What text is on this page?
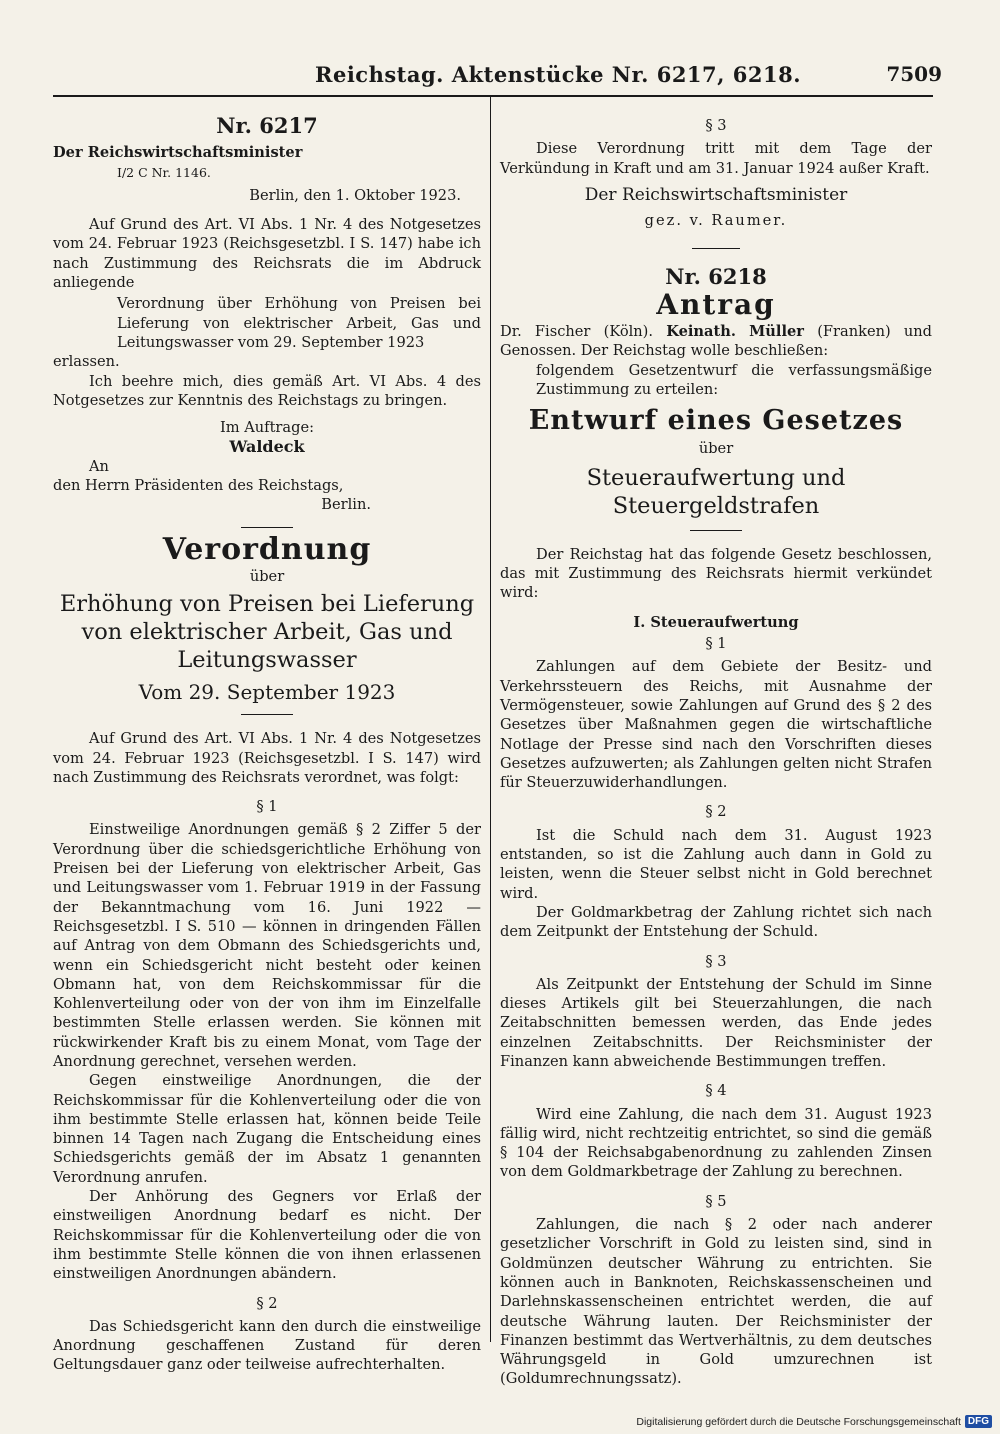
Reichstag. Aktenstücke Nr. 6217, 6218.	7509
Nr. 6217

Der Reichswirtschaftsminister

I/2 C Nr. 1146.

Berlin, den 1. Oktober 1923.

Auf Grund des Art. VI Abs. 1 Nr. 4 des Notgesetzes vom 24. Februar 1923 (Reichsgesetzbl. I S. 147) habe ich nach Zustimmung des Reichsrats die im Abdruck anliegende

Verordnung über Erhöhung von Preisen bei Lieferung von elektrischer Arbeit, Gas und Leitungswasser vom 29. September 1923

erlassen.

Ich beehre mich, dies gemäß Art. VI Abs. 4 des Notgesetzes zur Kenntnis des Reichstags zu bringen.

Im Auftrage:

Waldeck

An

den Herrn Präsidenten des Reichstags,

Berlin.

Verordnung

über

Erhöhung von Preisen bei Lieferung von elektrischer Arbeit, Gas und Leitungswasser
Vom 29. September 1923

Auf Grund des Art. VI Abs. 1 Nr. 4 des Notgesetzes vom 24. Februar 1923 (Reichsgesetzbl. I S. 147) wird nach Zustimmung des Reichsrats verordnet, was folgt:

§ 1

Einstweilige Anordnungen gemäß § 2 Ziffer 5 der Verordnung über die schiedsgerichtliche Erhöhung von Preisen bei der Lieferung von elektrischer Arbeit, Gas und Leitungswasser vom 1. Februar 1919 in der Fassung der Bekanntmachung vom 16. Juni 1922 — Reichsgesetzbl. I S. 510 — können in dringenden Fällen auf Antrag von dem Obmann des Schiedsgerichts und, wenn ein Schiedsgericht nicht besteht oder keinen Obmann hat, von dem Reichskommissar für die Kohlenverteilung oder von der von ihm im Einzelfalle bestimmten Stelle erlassen werden. Sie können mit rückwirkender Kraft bis zu einem Monat, vom Tage der Anordnung gerechnet, versehen werden.

Gegen einstweilige Anordnungen, die der Reichskommissar für die Kohlenverteilung oder die von ihm bestimmte Stelle erlassen hat, können beide Teile binnen 14 Tagen nach Zugang die Entscheidung eines Schiedsgerichts gemäß der im Absatz 1 genannten Verordnung anrufen.

Der Anhörung des Gegners vor Erlaß der einstweiligen Anordnung bedarf es nicht. Der Reichskommissar für die Kohlenverteilung oder die von ihm bestimmte Stelle können die von ihnen erlassenen einstweiligen Anordnungen abändern.

§ 2

Das Schiedsgericht kann den durch die einstweilige Anordnung geschaffenen Zustand für deren Geltungsdauer ganz oder teilweise aufrechterhalten.

§ 3

Diese Verordnung tritt mit dem Tage der Verkündung in Kraft und am 31. Januar 1924 außer Kraft.

Der Reichswirtschaftsminister

gez. v. Raumer.

Nr. 6218
Antrag

Dr. Fischer (Köln). Keinath. Müller (Franken) und Genossen. Der Reichstag wolle beschließen:

folgendem Gesetzentwurf die verfassungsmäßige Zustimmung zu erteilen:

Entwurf eines Gesetzes

über

Steueraufwertung und Steuergeldstrafen

Der Reichstag hat das folgende Gesetz beschlossen, das mit Zustimmung des Reichsrats hiermit verkündet wird:

I. Steueraufwertung

§ 1

Zahlungen auf dem Gebiete der Besitz- und Verkehrssteuern des Reichs, mit Ausnahme der Vermögensteuer, sowie Zahlungen auf Grund des § 2 des Gesetzes über Maßnahmen gegen die wirtschaftliche Notlage der Presse sind nach den Vorschriften dieses Gesetzes aufzuwerten; als Zahlungen gelten nicht Strafen für Steuerzuwiderhandlungen.

§ 2

Ist die Schuld nach dem 31. August 1923 entstanden, so ist die Zahlung auch dann in Gold zu leisten, wenn die Steuer selbst nicht in Gold berechnet wird.

Der Goldmarkbetrag der Zahlung richtet sich nach dem Zeitpunkt der Entstehung der Schuld.

§ 3

Als Zeitpunkt der Entstehung der Schuld im Sinne dieses Artikels gilt bei Steuerzahlungen, die nach Zeitabschnitten bemessen werden, das Ende jedes einzelnen Zeitabschnitts. Der Reichsminister der Finanzen kann abweichende Bestimmungen treffen.

§ 4

Wird eine Zahlung, die nach dem 31. August 1923 fällig wird, nicht rechtzeitig entrichtet, so sind die gemäß § 104 der Reichsabgabenordnung zu zahlenden Zinsen von dem Goldmarkbetrage der Zahlung zu berechnen.

§ 5

Zahlungen, die nach § 2 oder nach anderer gesetzlicher Vorschrift in Gold zu leisten sind, sind in Goldmünzen deutscher Währung zu entrichten. Sie können auch in Banknoten, Reichskassenscheinen und Darlehnskassenscheinen entrichtet werden, die auf deutsche Währung lauten. Der Reichsminister der Finanzen bestimmt das Wertverhältnis, zu dem deutsches Währungsgeld in Gold umzurechnen ist (Goldumrechnungssatz).

Digitalisierung gefördert durch die Deutsche Forschungsgemeinschaft DFG
